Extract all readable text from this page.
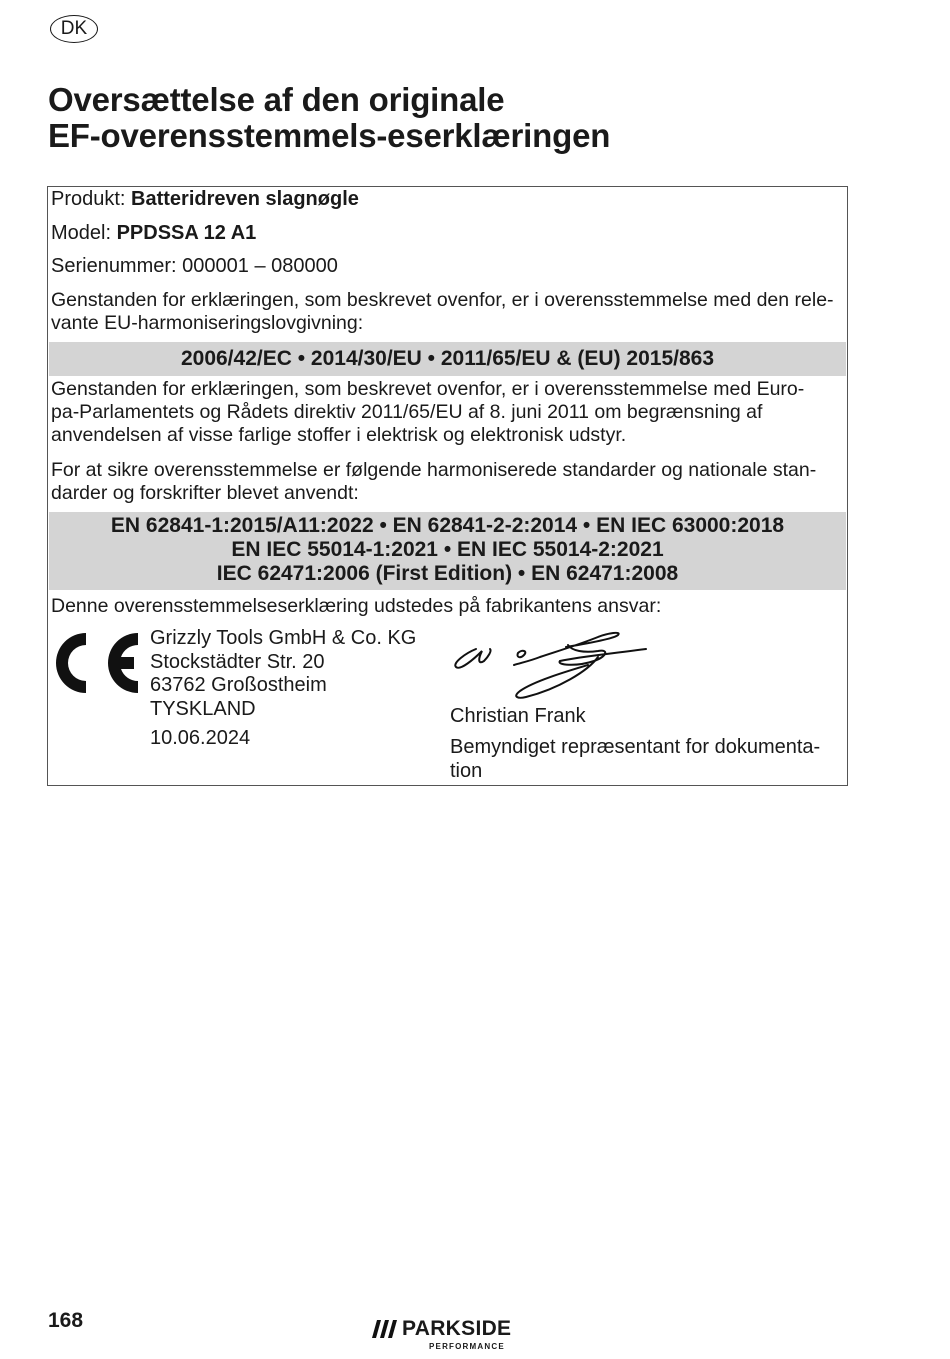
DK
Oversættelse af den originale
EF-overensstemmels-eserklæringen
Produkt: Batteridreven slagnøgle
Model: PPDSSA 12 A1
Serienummer: 000001 – 080000
Genstanden for erklæringen, som beskrevet ovenfor, er i overensstemmelse med den rele-
vante EU-harmoniseringslovgivning:
2006/42/EC • 2014/30/EU • 2011/65/EU & (EU) 2015/863
Genstanden for erklæringen, som beskrevet ovenfor, er i overensstemmelse med Euro-
pa-Parlamentets og Rådets direktiv 2011/65/EU af 8. juni 2011 om begrænsning af
anvendelsen af visse farlige stoffer i elektrisk og elektronisk udstyr.
For at sikre overensstemmelse er følgende harmoniserede standarder og nationale stan-
darder og forskrifter blevet anvendt:
EN 62841-1:2015/A11:2022 • EN 62841-2-2:2014 • EN IEC 63000:2018
EN IEC 55014-1:2021 • EN IEC 55014-2:2021
IEC 62471:2006 (First Edition) • EN 62471:2008
Denne overensstemmelseserklæring udstedes på fabrikantens ansvar:
Grizzly Tools GmbH & Co. KG
Stockstädter Str. 20
63762 Großostheim
TYSKLAND
10.06.2024
Christian Frank
Bemyndiget repræsentant for dokumenta-
tion
168	PARKSIDE
PERFORMANCE
